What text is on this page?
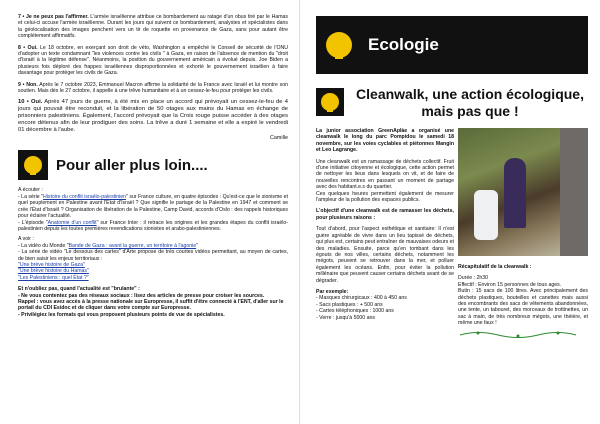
7 • Je ne peux pas l'affirmer. L'armée israélienne attribue ce bombardement au ratage d'un obus tiré par le Hamas et celui-ci accuse l'armée israélienne. Durant les jours qui suivent ce bombardement, analystes et spécialistes dans la géolocalisation des images penchent vers un tir de roquette en provenance de Gaza, sans pour autant être complètement affirmatifs.

8 • Oui. Le 18 octobre, en exerçant son droit de véto, Washington a empêché le Conseil de sécurité de l'ONU d'adopter un texte condamnant "les violences contre les civils " à Gaza, en raison de l'absence de mention du "droit d'Israël à la légitime défense". Néanmoins, la position du gouvernement américain a évolué depuis. Joe Biden a plusieurs fois déploré des frappes israéliennes disproportionnées et exhorté le gouvernement israélien à faire davantage pour protéger les civils de Gaza.

9 • Non. Après le 7 octobre 2023, Emmanuel Macron affirme la solidarité de la France avec Israël et lui montre son soutien. Mais dès le 27 octobre, il appelle à une trêve humanitaire et à un cessez-le-feu pour protéger les civils.

10 • Oui. Après 47 jours de guerre, à été mis en place un accord qui prévoyait un cessez-le-feu de 4 jours qui pouvait être reconduit, et la libération de 50 otages aux mains du Hamas en échange de prisonniers palestiniens. Également, l'accord prévoyait que la Croix rouge puisse accéder à des otages encore détenus afin de leur prodiguer des soins. La trêve a duré 1 semaine et elle a expiré le vendredi 01 décembre à l'aube.

Camille

Pour aller plus loin....

A écouter :

- La série "Histoire du conflit israélo-palestinien" sur France culture, en quatre épisodes : Qu'est-ce que le sionisme et quel peuplement en Palestine avant l'État d'Israël ? Que signifie le partage de la Palestine en 1947 et comment se crée l'État d'Israël ? Organisation de libération de la Palestine, Camp David, accords d'Oslo : des rappels historiques pour éclairer l'actualité.

- L'épisode "Anatomie d'un conflit" sur France Inter : il retrace les origines et les grandes étapes du conflit israélo-palestinien depuis les toutes premières revendications sionistes et arabo-palestiniennes.

A voir :

- La vidéo du Monde "Bande de Gaza : avant la guerre, un territoire à l'agonie"

- La série de vidéo "Le dessous des cartes" d'Arte propose de très courtes vidéos permettant, au moyen de cartes, de bien saisir les enjeux territoriaux :

"Une brève histoire de Gaza"

"Une brève histoire du Hamas"

"Les Palestiniens : quel État ?"

Et n'oubliez pas, quand l'actualité est "brulante" :

- Ne vous contentez pas des réseaux sociaux : lisez des articles de presse pour croiser les sources.

Rappel : vous avez accès à la presse nationale sur Europresse, il suffit d'être connecté à l'ENT, d'aller sur le portail du CDI Esidoc et de cliquer dans votre compte sur Europresse.

- Privilégiez les formats qui vous proposent plusieurs points de vue de spécialistes.

Ecologie
Cleanwalk, une action écologique, mais pas que !

La junior association GreenAplàe a organisé une cleanwalk le long du parc Pompidou le samedi 18 novembre, sur les voies cyclables et piétonnes Mangin et Leo Lagrange.

Une cleanwalk est un ramassage de déchets collectif. Fruit d'une initiative citoyenne et écologique, cette action permet de nettoyer les lieux dans lesquels on vit, et de faire de nouvelles rencontres en passant un moment de partage avec des habitant.e.s du quartier.

Ces quelques heures permettent également de mesurer l'ampleur de la pollution des espaces publics.

L'objectif d'une cleanwalk est de ramasser les déchets, pour plusieurs raisons :

Tout d'abord, pour l'aspect esthétique et sanitaire: Il n'est guère agréable de vivre dans un lieu tapissé de déchets, qui plus est, certains peut entraîner de mauvaises odeurs et des maladies. Ensuite, parce qu'en tombant dans les égouts de nos villes, certains déchets, notamment les mégots, peuvent se retrouver dans la mer, et polluer également les océans. Enfin, pour éviter la pollution millénaire que peuvent causer certains déchets avant de se dégrader.

Par exemple:

- Masques chirurgicaux : 400 à 450 ans

- Sacs plastiques : + 500 ans

- Cartes téléphoniques : 1000 ans

- Verre : jusqu'à 5000 ans

Récapitulatif de la cleanwalk :

Durée : 2h30

Effectif : Environ 15 personnes de tous ages.

Butin : 15 sacs de 100 litres. Avec principalement des déchets plastiques, bouteilles et canettes mais aussi des encombrants des sacs de vêtements abandonnées, une tente, un tabouret, des morceaux de trottinettes, un sac à main, de très nombreux mégots, une théière, et même une faux !
